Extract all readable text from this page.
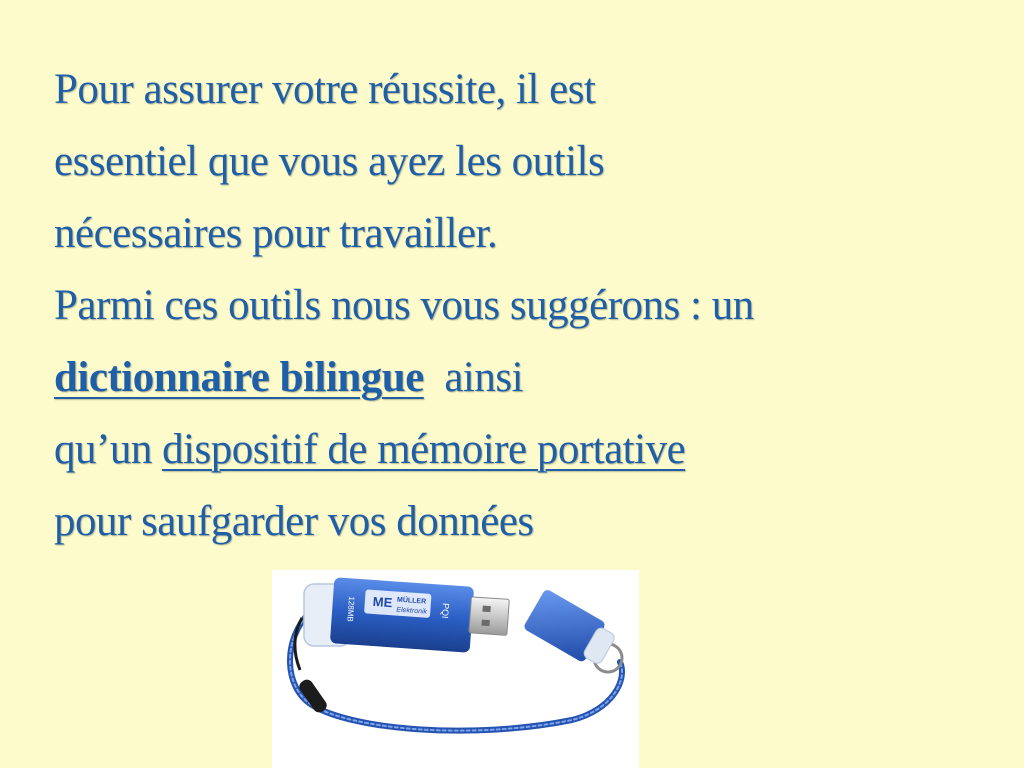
Pour assurer votre réussite, il est
essentiel que vous ayez les outils
nécessaires pour travailler.
Parmi ces outils nous vous suggérons : un
dictionnaire bilingue  ainsi
qu’un dispositif de mémoire portative
pour saufgarder vos données
ME MÜLLER
Elektronik
128MB	PQI
